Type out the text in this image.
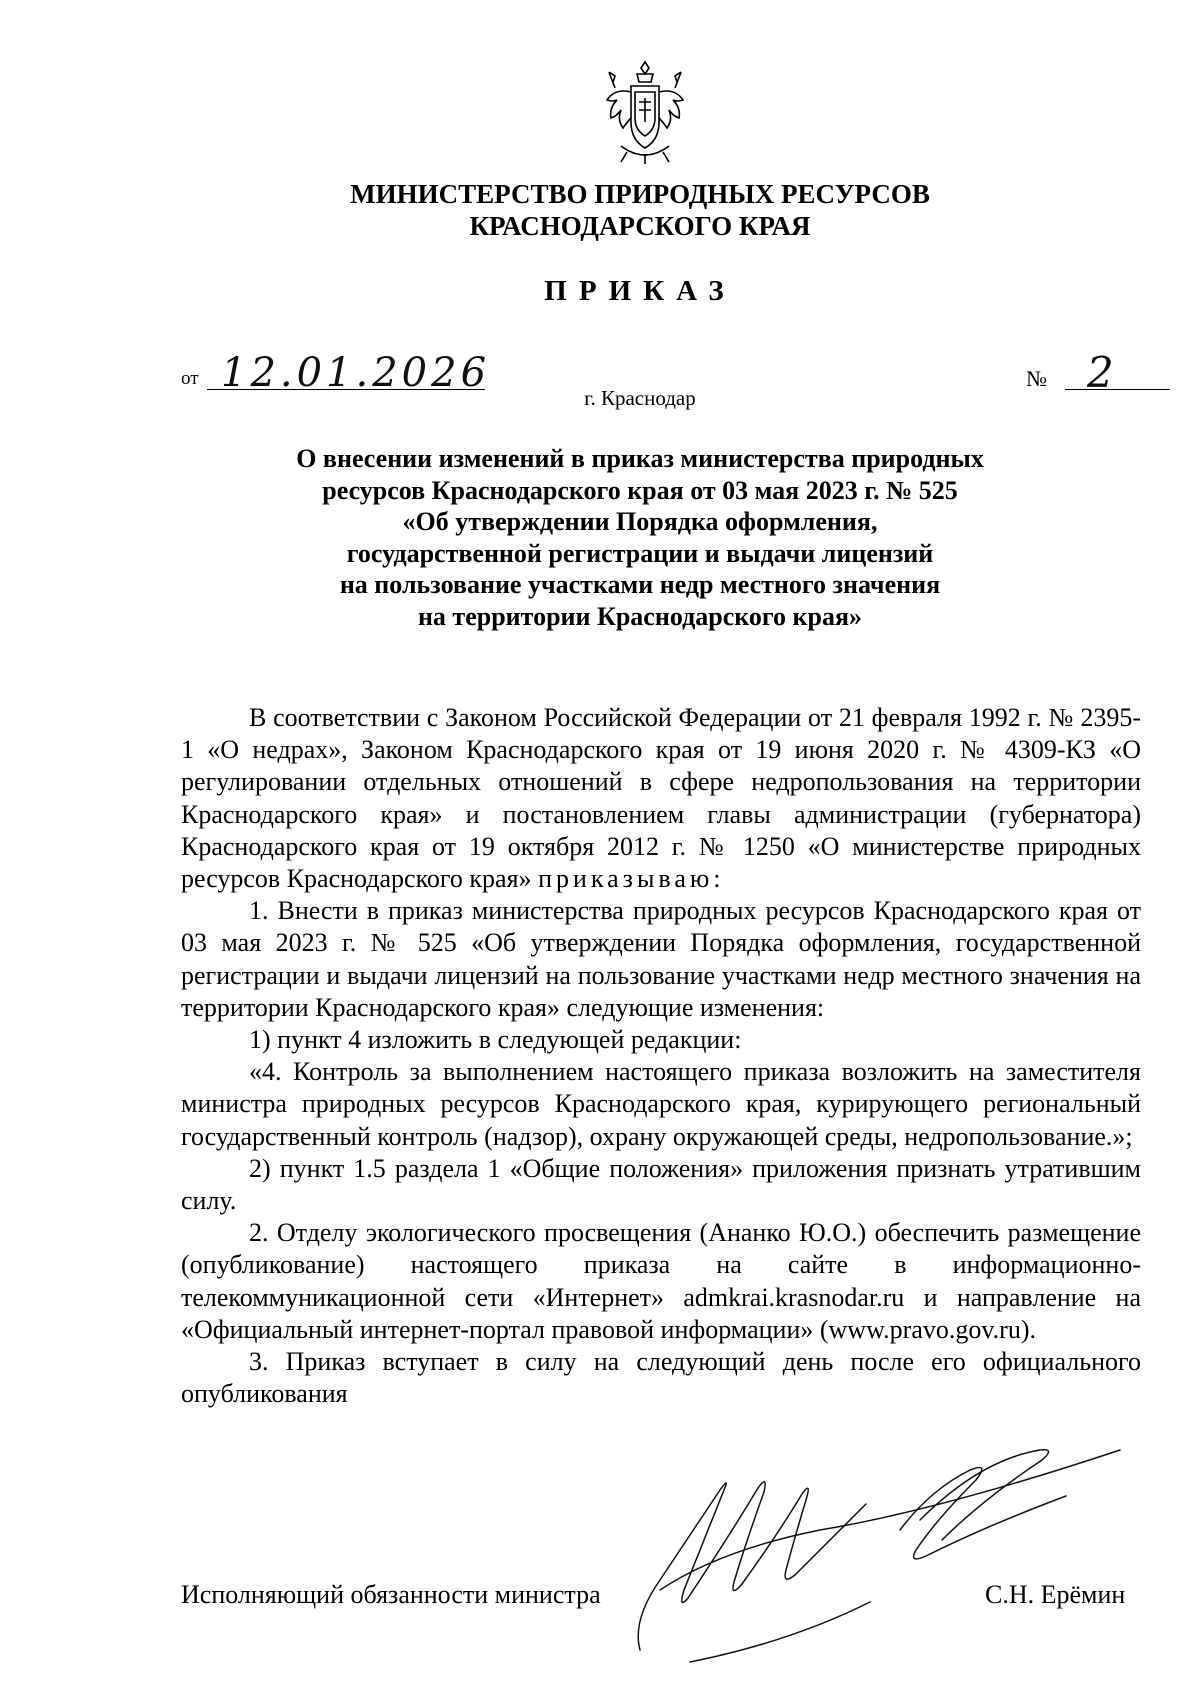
МИНИСТЕРСТВО ПРИРОДНЫХ РЕСУРСОВ
КРАСНОДАРСКОГО КРАЯ
ПРИКАЗ
от 12.01.2026	№ 2
г. Краснодар
О внесении изменений в приказ министерства природных
ресурсов Краснодарского края от 03 мая 2023 г. № 525
«Об утверждении Порядка оформления,
государственной регистрации и выдачи лицензий
на пользование участками недр местного значения
на территории Краснодарского края»

В соответствии с Законом Российской Федерации от 21 февраля 1992 г. № 2395-1 «О недрах», Законом Краснодарского края от 19 июня 2020 г. № 4309-КЗ «О регулировании отдельных отношений в сфере недропользования на территории Краснодарского края» и постановлением главы администрации (губернатора) Краснодарского края от 19 октября 2012 г. № 1250 «О министерстве природных ресурсов Краснодарского края» приказываю:

1. Внести в приказ министерства природных ресурсов Краснодарского края от 03 мая 2023 г. № 525 «Об утверждении Порядка оформления, государственной регистрации и выдачи лицензий на пользование участками недр местного значения на территории Краснодарского края» следующие изменения:

1) пункт 4 изложить в следующей редакции:

«4. Контроль за выполнением настоящего приказа возложить на заместителя министра природных ресурсов Краснодарского края, курирующего региональный государственный контроль (надзор), охрану окружающей среды, недропользование.»;

2) пункт 1.5 раздела 1 «Общие положения» приложения признать утратившим силу.

2. Отделу экологического просвещения (Ананко Ю.О.) обеспечить размещение (опубликование) настоящего приказа на сайте в информационно-телекоммуникационной сети «Интернет» admkrai.krasnodar.ru и направление на «Официальный интернет-портал правовой информации» (www.pravo.gov.ru).

3. Приказ вступает в силу на следующий день после его официального опубликования

Исполняющий обязанности министра	С.Н. Ерёмин
